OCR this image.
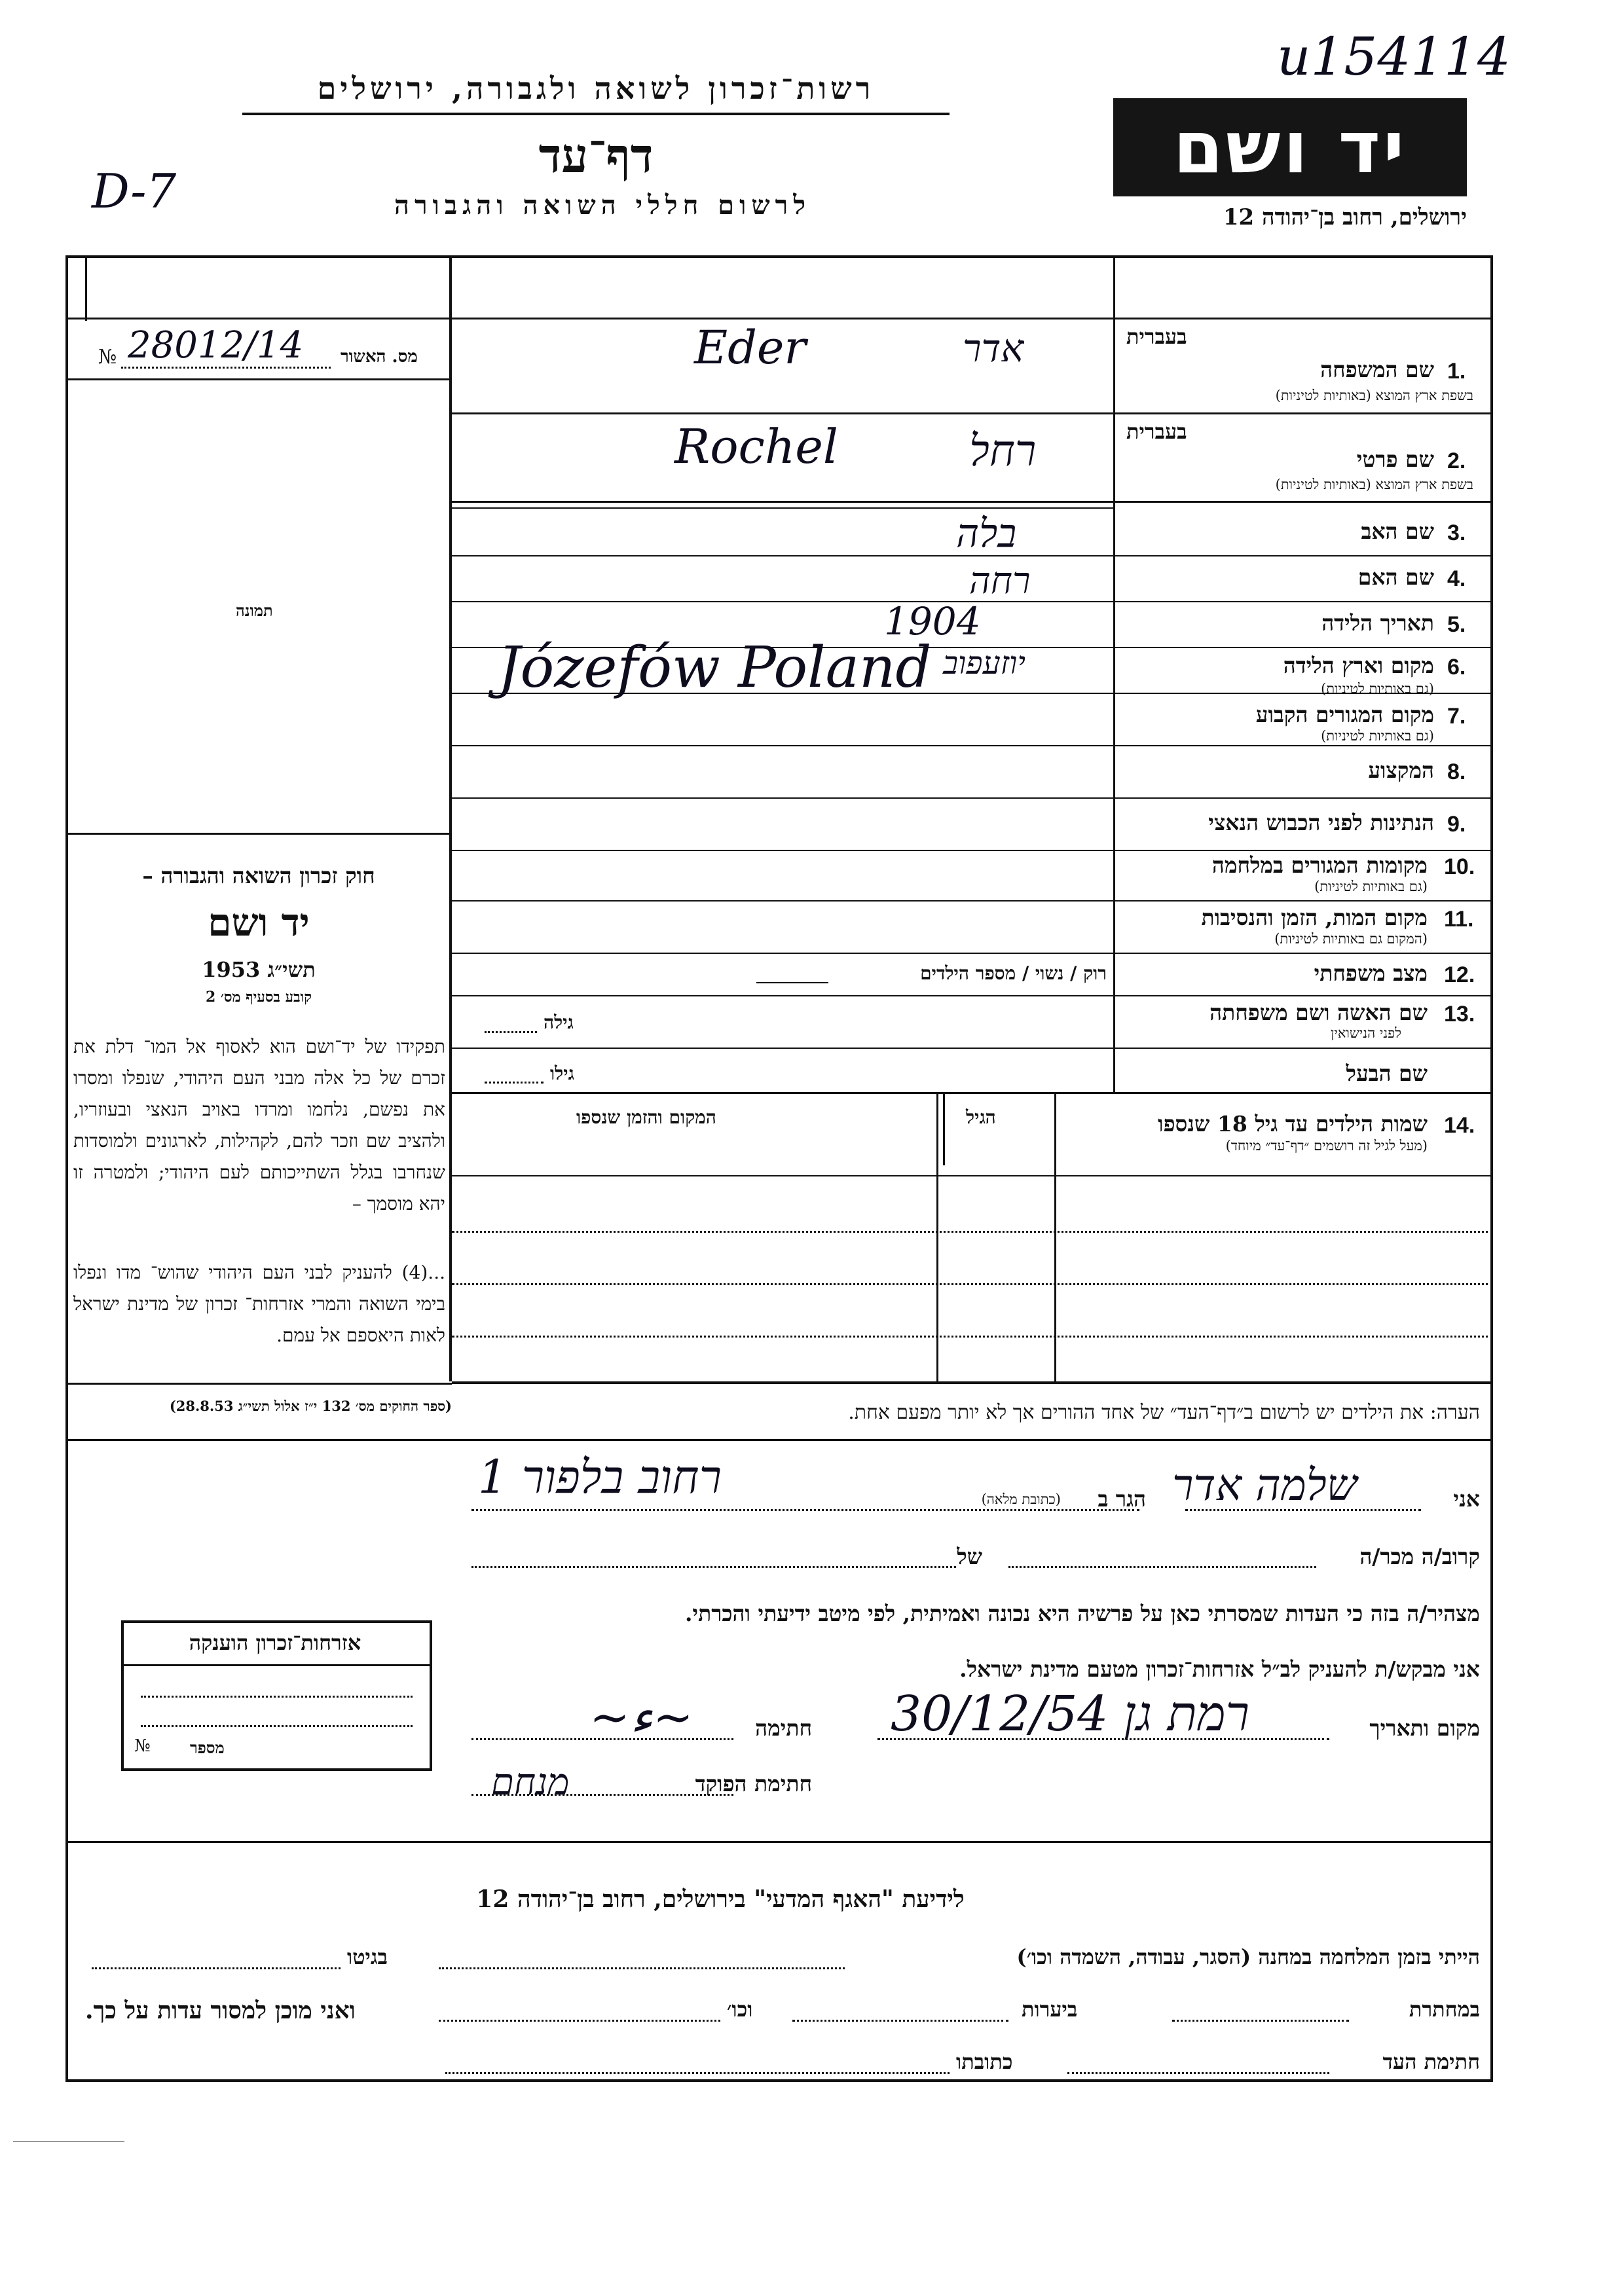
u154114
D-7
רשות־זכרון לשואה ולגבורה, ירושלים
דף־עד
לרשום חללי השואה והגבורה
יד ושם
ירושלים, רחוב בן־יהודה 12
מס. האשור
№ 28012/14
תמונה
חוק זכרון השואה והגבורה –
יד ושם
תשי״ג 1953
קובע בסעיף מס׳ 2
תפקידו של יד־ושם הוא לאסוף אל המו־ דלת את זכרם של כל אלה מבני העם היהודי, שנפלו ומסרו את נפשם, נלחמו ומרדו באויב הנאצי ובעוזריו, ולהציב שם וזכר להם, לקהילות, לארגונים ולמוסדות שנחרבו בגלל השתייכותם לעם היהודי; ולמטרה זו יהא מוסמך –
...(4) להעניק לבני העם היהודי שהוש־ מדו ונפלו בימי השואה והמרי אזרחות־ זכרון של מדינת ישראל לאות היאספם אל עמם.
(ספר החוקים מס׳ 132 י״ז אלול תשי״ג 28.8.53)
בעברית
1.
שם המשפחה
בשפת ארץ המוצא (באותיות לטיניות)
Eder	אדר
בעברית
2.
שם פרטי
בשפת ארץ המוצא (באותיות לטיניות)
Rochel	רחל
3.
שם האב
בלה
4.
שם האם
רחה
5.
תאריך הלידה
1904
6.
מקום וארץ הלידה
(גם באותיות לטיניות)
Józefów Poland יוזעפוב
7.
מקום המגורים הקבוע
(גם באותיות לטיניות)
8.
המקצוע
9.
הנתינות לפני הכבוש הנאצי
10.
מקומות המגורים במלחמה
(גם באותיות לטיניות)
11.
מקום המות, הזמן והנסיבות
(המקום גם באותיות לטיניות)
12.
מצב משפחתי
רוק / נשוי / מספר הילדים
13.
שם האשה ושם משפחתה
לפני הנישואין
גילה
שם הבעל
גילו
14.
שמות הילדים עד גיל 18 שנספו
(מעל לגיל זה רושמים ״דף־עד״ מיוחד)
הגיל
המקום והזמן שנספו
הערה: את הילדים יש לרשום ב״דף־העד״ של אחד ההורים אך לא יותר מפעם אחת.
אני
שלמה אדר
הגר ב
(כתובת מלאה)
רחוב בלפור 1
קרוב/ה מכר/ה
של
מצהיר/ה בזה כי העדות שמסרתי כאן על פרשיה היא נכונה ואמיתית, לפי מיטב ידיעתי והכרתי.
אני מבקש/ת להעניק לב״ל אזרחות־זכרון מטעם מדינת ישראל.
מקום ותאריך
רמת גן 30/12/54
חתימה
~ﺀ~
חתימת הפוקד
מנחם
אזרחות־זכרון הוענקה
מספר
№
לידיעת "האגף המדעי" בירושלים, רחוב בן־יהודה 12
הייתי בזמן המלחמה במחנה (הסגר, עבודה, השמדה וכו׳)
בגיטו
במחתרת
ביערות
וכו׳
ואני מוכן למסור עדות על כך.
חתימת העד
כתובתו
